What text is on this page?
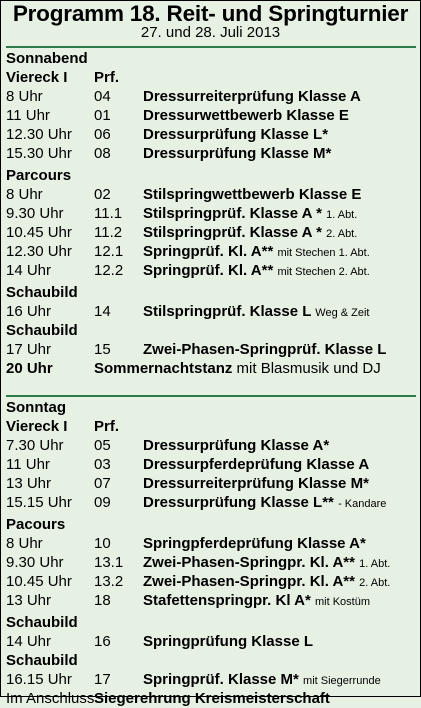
Programm 18. Reit- und Springturnier
27. und 28. Juli 2013
Sonnabend
Viereck I Prf.
8 Uhr	04 Dressurreiterprüfung Klasse A
11 Uhr	01 Dressurwettbewerb Klasse E
12.30 Uhr 06 Dressurprüfung Klasse L*
15.30 Uhr 08 Dressurprüfung Klasse M*
Parcours
8 Uhr	02 Stilspringwettbewerb Klasse E
9.30 Uhr 11.1 Stilspringprüf. Klasse A * 1. Abt.
10.45 Uhr 11.2 Stilspringprüf. Klasse A * 2. Abt.
12.30 Uhr 12.1 Springprüf. Kl. A** mit Stechen 1. Abt.
14 Uhr	12.2 Springprüf. Kl. A** mit Stechen 2. Abt.
Schaubild
16 Uhr	14 Stilspringprüf. Klasse L Weg & Zeit
Schaubild
17 Uhr	15 Zwei-Phasen-Springprüf. Klasse L
20 Uhr	Sommernachtstanz mit Blasmusik und DJ
Sonntag
Viereck I Prf.
7.30 Uhr 05 Dressurprüfung Klasse A*
11 Uhr	03 Dressurpferdeprüfung Klasse A
13 Uhr	07 Dressurreiterprüfung Klasse M*
15.15 Uhr 09 Dressurprüfung Klasse L** - Kandare
Pacours
8 Uhr	10 Springpferdeprüfung Klasse A*
9.30 Uhr 13.1 Zwei-Phasen-Springpr. Kl. A** 1. Abt.
10.45 Uhr 13.2 Zwei-Phasen-Springpr. Kl. A** 2. Abt.
13 Uhr	18 Stafettenspringpr. Kl A* mit Kostüm
Schaubild
14 Uhr	16 Springprüfung Klasse L
Schaubild
16.15 Uhr 17 Springprüf. Klasse M* mit Siegerrunde
Im Anschluss Siegerehrung Kreismeisterschaft
